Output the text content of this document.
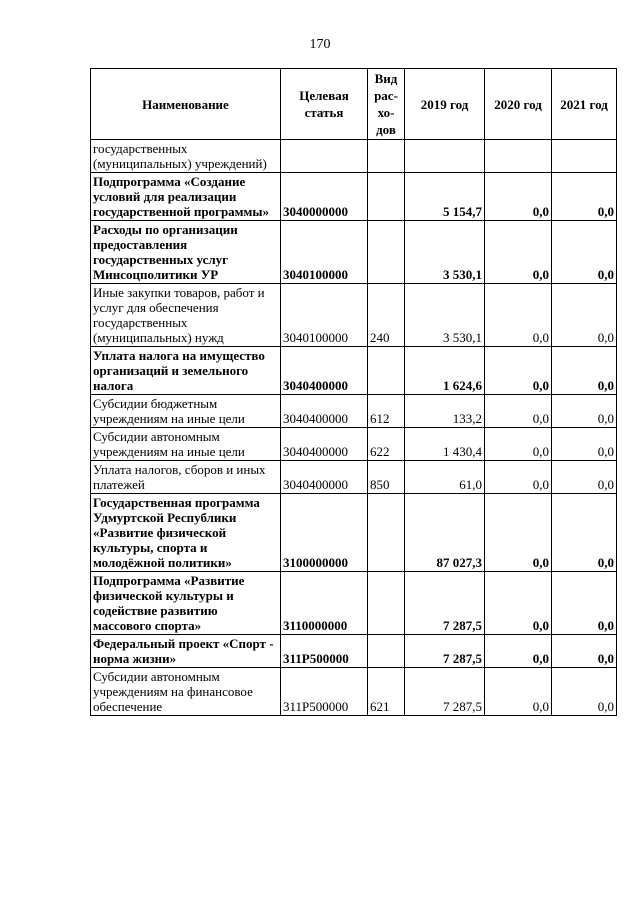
170
Наименование	Целевая статья	Вид рас-хо-дов	2019 год	2020 год	2021 год
государственных (муниципальных) учреждений)					
Подпрограмма «Создание условий для реализации государственной программы»	3040000000		5 154,7	0,0	0,0
Расходы по организации предоставления государственных услуг Минсоцполитики УР	3040100000		3 530,1	0,0	0,0
Иные закупки товаров, работ и услуг для обеспечения государственных (муниципальных) нужд	3040100000	240	3 530,1	0,0	0,0
Уплата налога на имущество организаций и земельного налога	3040400000		1 624,6	0,0	0,0
Субсидии бюджетным учреждениям на иные цели	3040400000	612	133,2	0,0	0,0
Субсидии автономным учреждениям на иные цели	3040400000	622	1 430,4	0,0	0,0
Уплата налогов, сборов и иных платежей	3040400000	850	61,0	0,0	0,0
Государственная программа Удмуртской Республики «Развитие физической культуры, спорта и молодёжной политики»	3100000000		87 027,3	0,0	0,0
Подпрограмма «Развитие физической культуры и содействие развитию массового спорта»	3110000000		7 287,5	0,0	0,0
Федеральный проект «Спорт - норма жизни»	311P500000		7 287,5	0,0	0,0
Субсидии автономным учреждениям на финансовое обеспечение	311P500000	621	7 287,5	0,0	0,0
